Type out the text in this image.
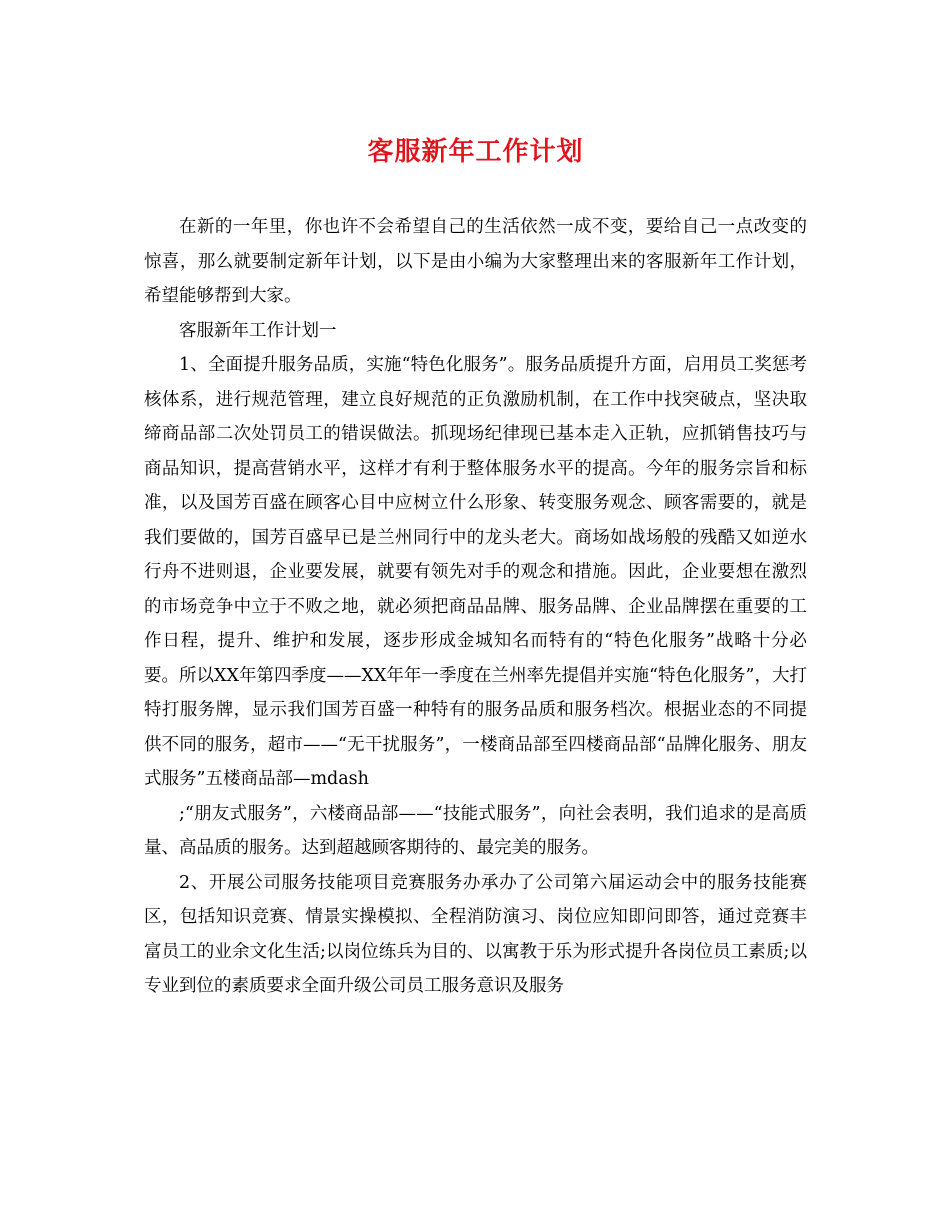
客服新年工作计划

在新的一年里，你也许不会希望自己的生活依然一成不变，要给自己一点改变的惊喜，那么就要制定新年计划，以下是由小编为大家整理出来的客服新年工作计划，希望能够帮到大家。

客服新年工作计划一

1、全面提升服务品质，实施“特色化服务”。服务品质提升方面，启用员工奖惩考核体系，进行规范管理，建立良好规范的正负激励机制，在工作中找突破点，坚决取缔商品部二次处罚员工的错误做法。抓现场纪律现已基本走入正轨，应抓销售技巧与商品知识，提高营销水平，这样才有利于整体服务水平的提高。今年的服务宗旨和标准，以及国芳百盛在顾客心目中应树立什么形象、转变服务观念、顾客需要的，就是我们要做的，国芳百盛早已是兰州同行中的龙头老大。商场如战场般的残酷又如逆水行舟不进则退，企业要发展，就要有领先对手的观念和措施。因此，企业要想在激烈的市场竞争中立于不败之地，就必须把商品品牌、服务品牌、企业品牌摆在重要的工作日程，提升、维护和发展，逐步形成金城知名而特有的“特色化服务”战略十分必要。所以XX年第四季度——XX年年一季度在兰州率先提倡并实施“特色化服务”，大打特打服务牌，显示我们国芳百盛一种特有的服务品质和服务档次。根据业态的不同提供不同的服务，超市——“无干扰服务”，一楼商品部至四楼商品部“品牌化服务、朋友式服务”五楼商品部—mdash

;“朋友式服务”，六楼商品部——“技能式服务”，向社会表明，我们追求的是高质量、高品质的服务。达到超越顾客期待的、最完美的服务。

2、开展公司服务技能项目竞赛服务办承办了公司第六届运动会中的服务技能赛区，包括知识竞赛、情景实操模拟、全程消防演习、岗位应知即问即答，通过竞赛丰富员工的业余文化生活;以岗位练兵为目的、以寓教于乐为形式提升各岗位员工素质;以专业到位的素质要求全面升级公司员工服务意识及服务
